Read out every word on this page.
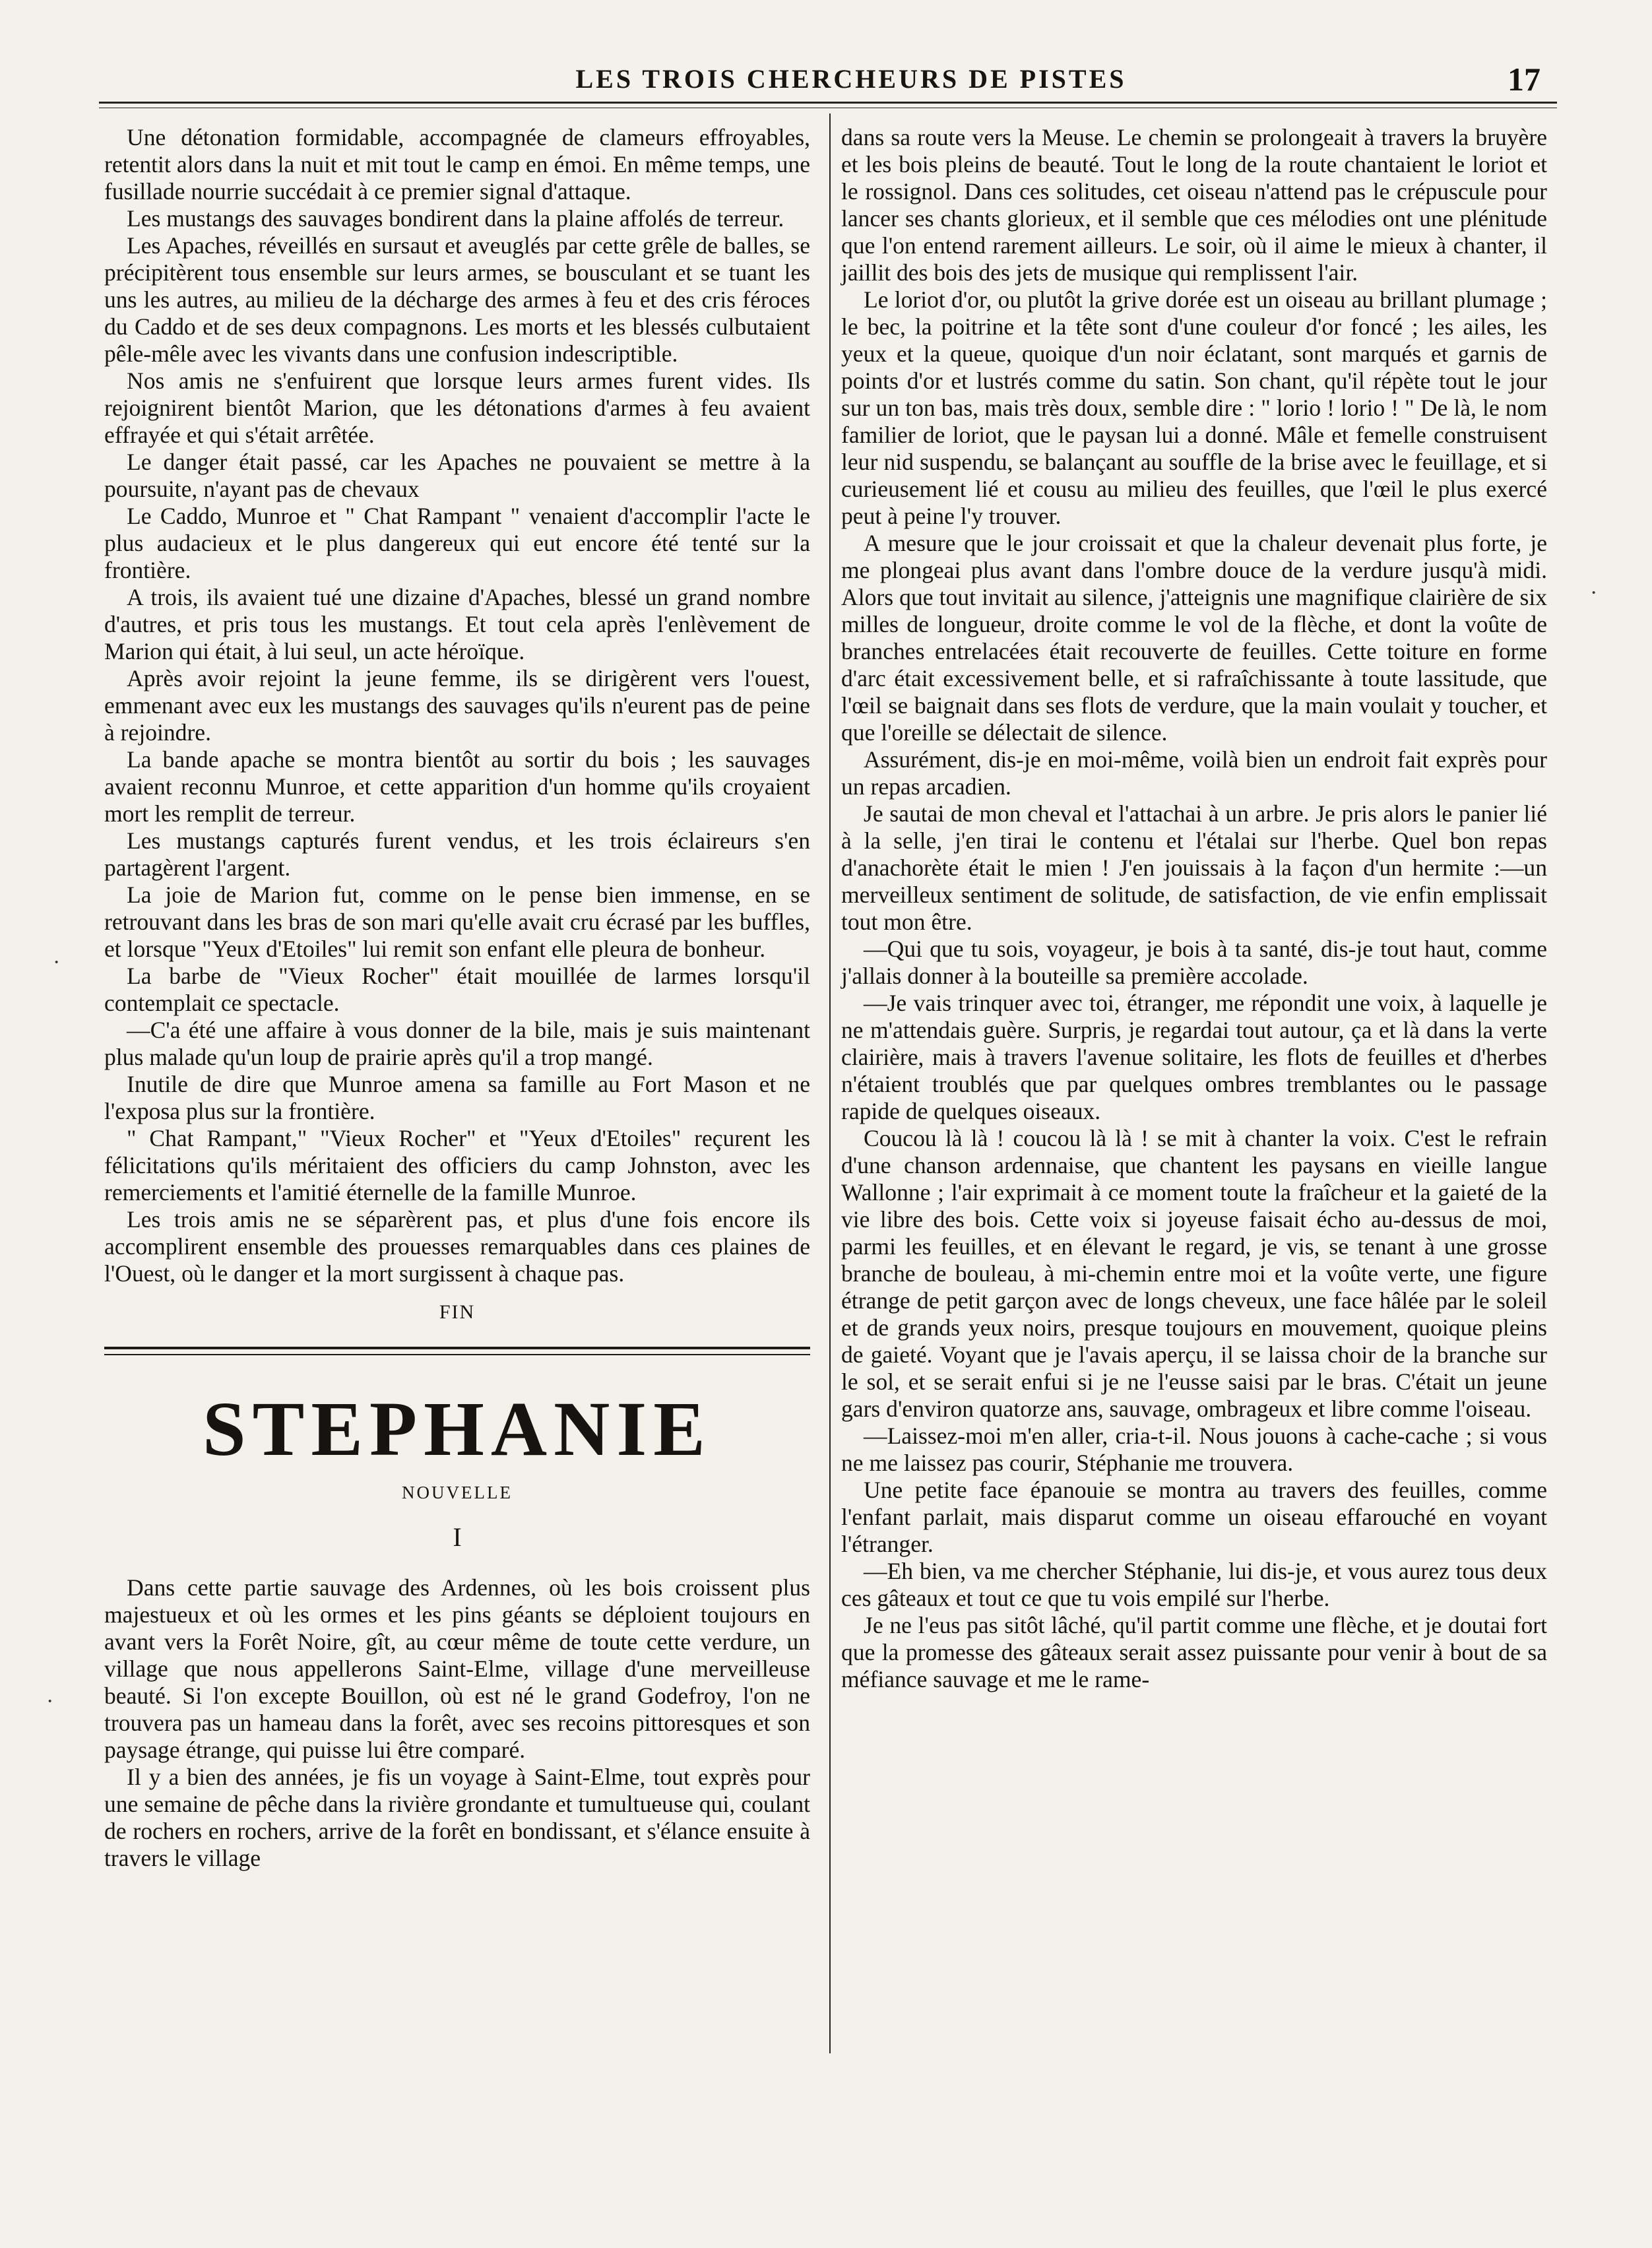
LES TROIS CHERCHEURS DE PISTES	17

Une détonation formidable, accompagnée de clameurs effroyables, retentit alors dans la nuit et mit tout le camp en émoi. En même temps, une fusillade nourrie succédait à ce premier signal d'attaque.

Les mustangs des sauvages bondirent dans la plaine affolés de terreur.

Les Apaches, réveillés en sursaut et aveuglés par cette grêle de balles, se précipitèrent tous ensemble sur leurs armes, se bousculant et se tuant les uns les autres, au milieu de la décharge des armes à feu et des cris féroces du Caddo et de ses deux compagnons. Les morts et les blessés culbutaient pêle-mêle avec les vivants dans une confusion indescriptible.

Nos amis ne s'enfuirent que lorsque leurs armes furent vides. Ils rejoignirent bientôt Marion, que les détonations d'armes à feu avaient effrayée et qui s'était arrêtée.

Le danger était passé, car les Apaches ne pouvaient se mettre à la poursuite, n'ayant pas de chevaux

Le Caddo, Munroe et " Chat Rampant " venaient d'accomplir l'acte le plus audacieux et le plus dangereux qui eut encore été tenté sur la frontière.

A trois, ils avaient tué une dizaine d'Apaches, blessé un grand nombre d'autres, et pris tous les mustangs. Et tout cela après l'enlèvement de Marion qui était, à lui seul, un acte héroïque.

Après avoir rejoint la jeune femme, ils se dirigèrent vers l'ouest, emmenant avec eux les mustangs des sauvages qu'ils n'eurent pas de peine à rejoindre.

La bande apache se montra bientôt au sortir du bois ; les sauvages avaient reconnu Munroe, et cette apparition d'un homme qu'ils croyaient mort les remplit de terreur.

Les mustangs capturés furent vendus, et les trois éclaireurs s'en partagèrent l'argent.

La joie de Marion fut, comme on le pense bien immense, en se retrouvant dans les bras de son mari qu'elle avait cru écrasé par les buffles, et lorsque "Yeux d'Etoiles" lui remit son enfant elle pleura de bonheur.

La barbe de "Vieux Rocher" était mouillée de larmes lorsqu'il contemplait ce spectacle.

—C'a été une affaire à vous donner de la bile, mais je suis maintenant plus malade qu'un loup de prairie après qu'il a trop mangé.

Inutile de dire que Munroe amena sa famille au Fort Mason et ne l'exposa plus sur la frontière.

" Chat Rampant," "Vieux Rocher" et "Yeux d'Etoiles" reçurent les félicitations qu'ils méritaient des officiers du camp Johnston, avec les remerciements et l'amitié éternelle de la famille Munroe.

Les trois amis ne se séparèrent pas, et plus d'une fois encore ils accomplirent ensemble des prouesses remarquables dans ces plaines de l'Ouest, où le danger et la mort surgissent à chaque pas.

FIN
STEPHANIE
NOUVELLE
I

Dans cette partie sauvage des Ardennes, où les bois croissent plus majestueux et où les ormes et les pins géants se déploient toujours en avant vers la Forêt Noire, gît, au cœur même de toute cette verdure, un village que nous appellerons Saint-Elme, village d'une merveilleuse beauté. Si l'on excepte Bouillon, où est né le grand Godefroy, l'on ne trouvera pas un hameau dans la forêt, avec ses recoins pittoresques et son paysage étrange, qui puisse lui être comparé.

Il y a bien des années, je fis un voyage à Saint-Elme, tout exprès pour une semaine de pêche dans la rivière grondante et tumultueuse qui, coulant de rochers en rochers, arrive de la forêt en bondissant, et s'élance ensuite à travers le village

dans sa route vers la Meuse. Le chemin se prolongeait à travers la bruyère et les bois pleins de beauté. Tout le long de la route chantaient le loriot et le rossignol. Dans ces solitudes, cet oiseau n'attend pas le crépuscule pour lancer ses chants glorieux, et il semble que ces mélodies ont une plénitude que l'on entend rarement ailleurs. Le soir, où il aime le mieux à chanter, il jaillit des bois des jets de musique qui remplissent l'air.

Le loriot d'or, ou plutôt la grive dorée est un oiseau au brillant plumage ; le bec, la poitrine et la tête sont d'une couleur d'or foncé ; les ailes, les yeux et la queue, quoique d'un noir éclatant, sont marqués et garnis de points d'or et lustrés comme du satin. Son chant, qu'il répète tout le jour sur un ton bas, mais très doux, semble dire : " lorio ! lorio ! " De là, le nom familier de loriot, que le paysan lui a donné. Mâle et femelle construisent leur nid suspendu, se balançant au souffle de la brise avec le feuillage, et si curieusement lié et cousu au milieu des feuilles, que l'œil le plus exercé peut à peine l'y trouver.

A mesure que le jour croissait et que la chaleur devenait plus forte, je me plongeai plus avant dans l'ombre douce de la verdure jusqu'à midi. Alors que tout invitait au silence, j'atteignis une magnifique clairière de six milles de longueur, droite comme le vol de la flèche, et dont la voûte de branches entrelacées était recouverte de feuilles. Cette toiture en forme d'arc était excessivement belle, et si rafraîchissante à toute lassitude, que l'œil se baignait dans ses flots de verdure, que la main voulait y toucher, et que l'oreille se délectait de silence.

Assurément, dis-je en moi-même, voilà bien un endroit fait exprès pour un repas arcadien.

Je sautai de mon cheval et l'attachai à un arbre. Je pris alors le panier lié à la selle, j'en tirai le contenu et l'étalai sur l'herbe. Quel bon repas d'anachorète était le mien ! J'en jouissais à la façon d'un hermite :—un merveilleux sentiment de solitude, de satisfaction, de vie enfin emplissait tout mon être.

—Qui que tu sois, voyageur, je bois à ta santé, dis-je tout haut, comme j'allais donner à la bouteille sa première accolade.

—Je vais trinquer avec toi, étranger, me répondit une voix, à laquelle je ne m'attendais guère. Surpris, je regardai tout autour, ça et là dans la verte clairière, mais à travers l'avenue solitaire, les flots de feuilles et d'herbes n'étaient troublés que par quelques ombres tremblantes ou le passage rapide de quelques oiseaux.

Coucou là là ! coucou là là ! se mit à chanter la voix. C'est le refrain d'une chanson ardennaise, que chantent les paysans en vieille langue Wallonne ; l'air exprimait à ce moment toute la fraîcheur et la gaieté de la vie libre des bois. Cette voix si joyeuse faisait écho au-dessus de moi, parmi les feuilles, et en élevant le regard, je vis, se tenant à une grosse branche de bouleau, à mi-chemin entre moi et la voûte verte, une figure étrange de petit garçon avec de longs cheveux, une face hâlée par le soleil et de grands yeux noirs, presque toujours en mouvement, quoique pleins de gaieté. Voyant que je l'avais aperçu, il se laissa choir de la branche sur le sol, et se serait enfui si je ne l'eusse saisi par le bras. C'était un jeune gars d'environ quatorze ans, sauvage, ombrageux et libre comme l'oiseau.

—Laissez-moi m'en aller, cria-t-il. Nous jouons à cache-cache ; si vous ne me laissez pas courir, Stéphanie me trouvera.

Une petite face épanouie se montra au travers des feuilles, comme l'enfant parlait, mais disparut comme un oiseau effarouché en voyant l'étranger.

—Eh bien, va me chercher Stéphanie, lui dis-je, et vous aurez tous deux ces gâteaux et tout ce que tu vois empilé sur l'herbe.

Je ne l'eus pas sitôt lâché, qu'il partit comme une flèche, et je doutai fort que la promesse des gâteaux serait assez puissante pour venir à bout de sa méfiance sauvage et me le rame-

·
·
·
